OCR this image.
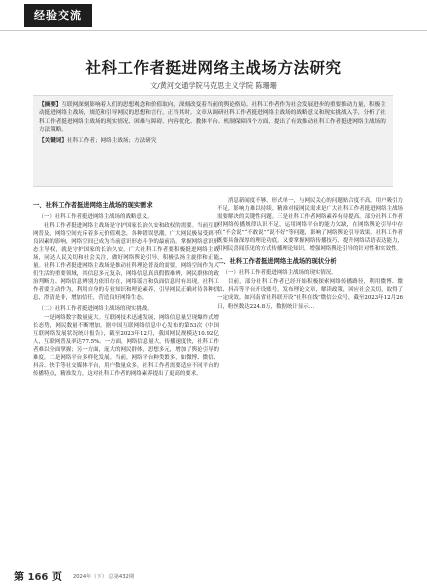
经验交流
社科工作者挺进网络主战场方法研究
文/黄河交通学院马克思主义学院 陈珊珊
【摘要】互联网深刻影响着人们的思想观念和价值取向，深刻改变着当前的舆论格局。社科工作者作为社会发展进步的重要推动力量，积极主动挺进网络主战场，规范和引导网民的思想和言行，正当其时。文章从调研社科工作者挺进网络主战场的战略意义和现实挑战入手，分析了社科工作者挺进网络主战场的现实情况、困难与障碍、内容优化、教体平台、机制保障四个方面，提出了有效推动社科工作者挺进网络主战场的方法策略。
【关键词】社科工作者；网络主战场；方法研究
一、社科工作者挺进网络主战场的现实需求

（一）社科工作者挺进网络主战场的战略意义。

社科工作者挺进网络主战场是守护国家长治久安和政权的需要。当前互联网普及，网络空间充斥着多元价值观念，各种错误思潮，广大网民极易受到不良因素的影响，网络空间已成为当前意识形态斗争的最前沿。掌握网络意识形态主导权，就是守护国家的长治久安。广大社科工作者要积极挺进网络主战场，同达人民关切和社会关注，做好网络舆论引导，积极弘扬主旋律和正能量。社科工作者挺进网络主战场是推动社科理论普及的需要。网络空间作为人们生活的重要领域，其信息多元复杂，网络信息真真假假难辨，网民群体的政治判断力、网络信息辨别力依旧存在，网络谣言和负面信息时有出现，社科工作者要主动作为，利用自身的专业知识和理论素养，引导网民正确对待各种信息，澄清是非，增加信任，营造良好网络生态。

（二）社科工作者挺进网络主战场的现实挑战。

一是网络数字数量庞大。互联网技术迅速发展，网络信息量呈现爆炸式增长态势，网民数量不断增加。据中国互联网络信息中心发布的第53次《中国互联网络发展状况统计报告》，截至2023年12月，我国网民规模达10.92亿人，互联网普及率达77.5%。一方面，网络信息量大，传播速度快，社科工作者难以全面掌握；另一方面，庞大的网民群体，思想多元，增加了舆论引导的难度。二是网络平台多样化发展。当前，网络平台种类繁多，如微博、微信、抖音、快手等社交媒体平台，用户数量众多，社科工作者需要适应不同平台的传播特点，精准发力，这对社科工作者的网络素养提出了更高的要求。

消息新闻度不够，形式单一，与网民关心的问题贴合度不高，用户吸引力不足，影响力难以持续。精准对接网民需求是广大社科工作者挺进网络主战场需要解决的关键性问题。三是社科工作者网络素养有待提高。部分社科工作者对网络传播规律认识不足，运用网络平台的能力欠缺，在网络舆论引导中存在“不会说”“不敢说”“说不好”等问题，影响了网络舆论引导效果。社科工作者既要具备深厚的理论功底，又要掌握网络传播技巧，提升网络话语表达能力，用网民喜闻乐见的方式传播理论知识，增强网络舆论引导的针对性和实效性。

二、社科工作者挺进网络主战场的现状分析

（一）社科工作者挺进网络主战场的现实情况。

目前，部分社科工作者已经开始积极探索网络传播路径，利用微博、微信、抖音等平台开设账号，发布理论文章，解读政策，回应社会关切，取得了一定成效。如河南省社科联开设“社科在线”微信公众号，截至2023年12月26日，粉丝数达224.8万，数据统计显示…

第 166 页 2024年（下） 总第432期
